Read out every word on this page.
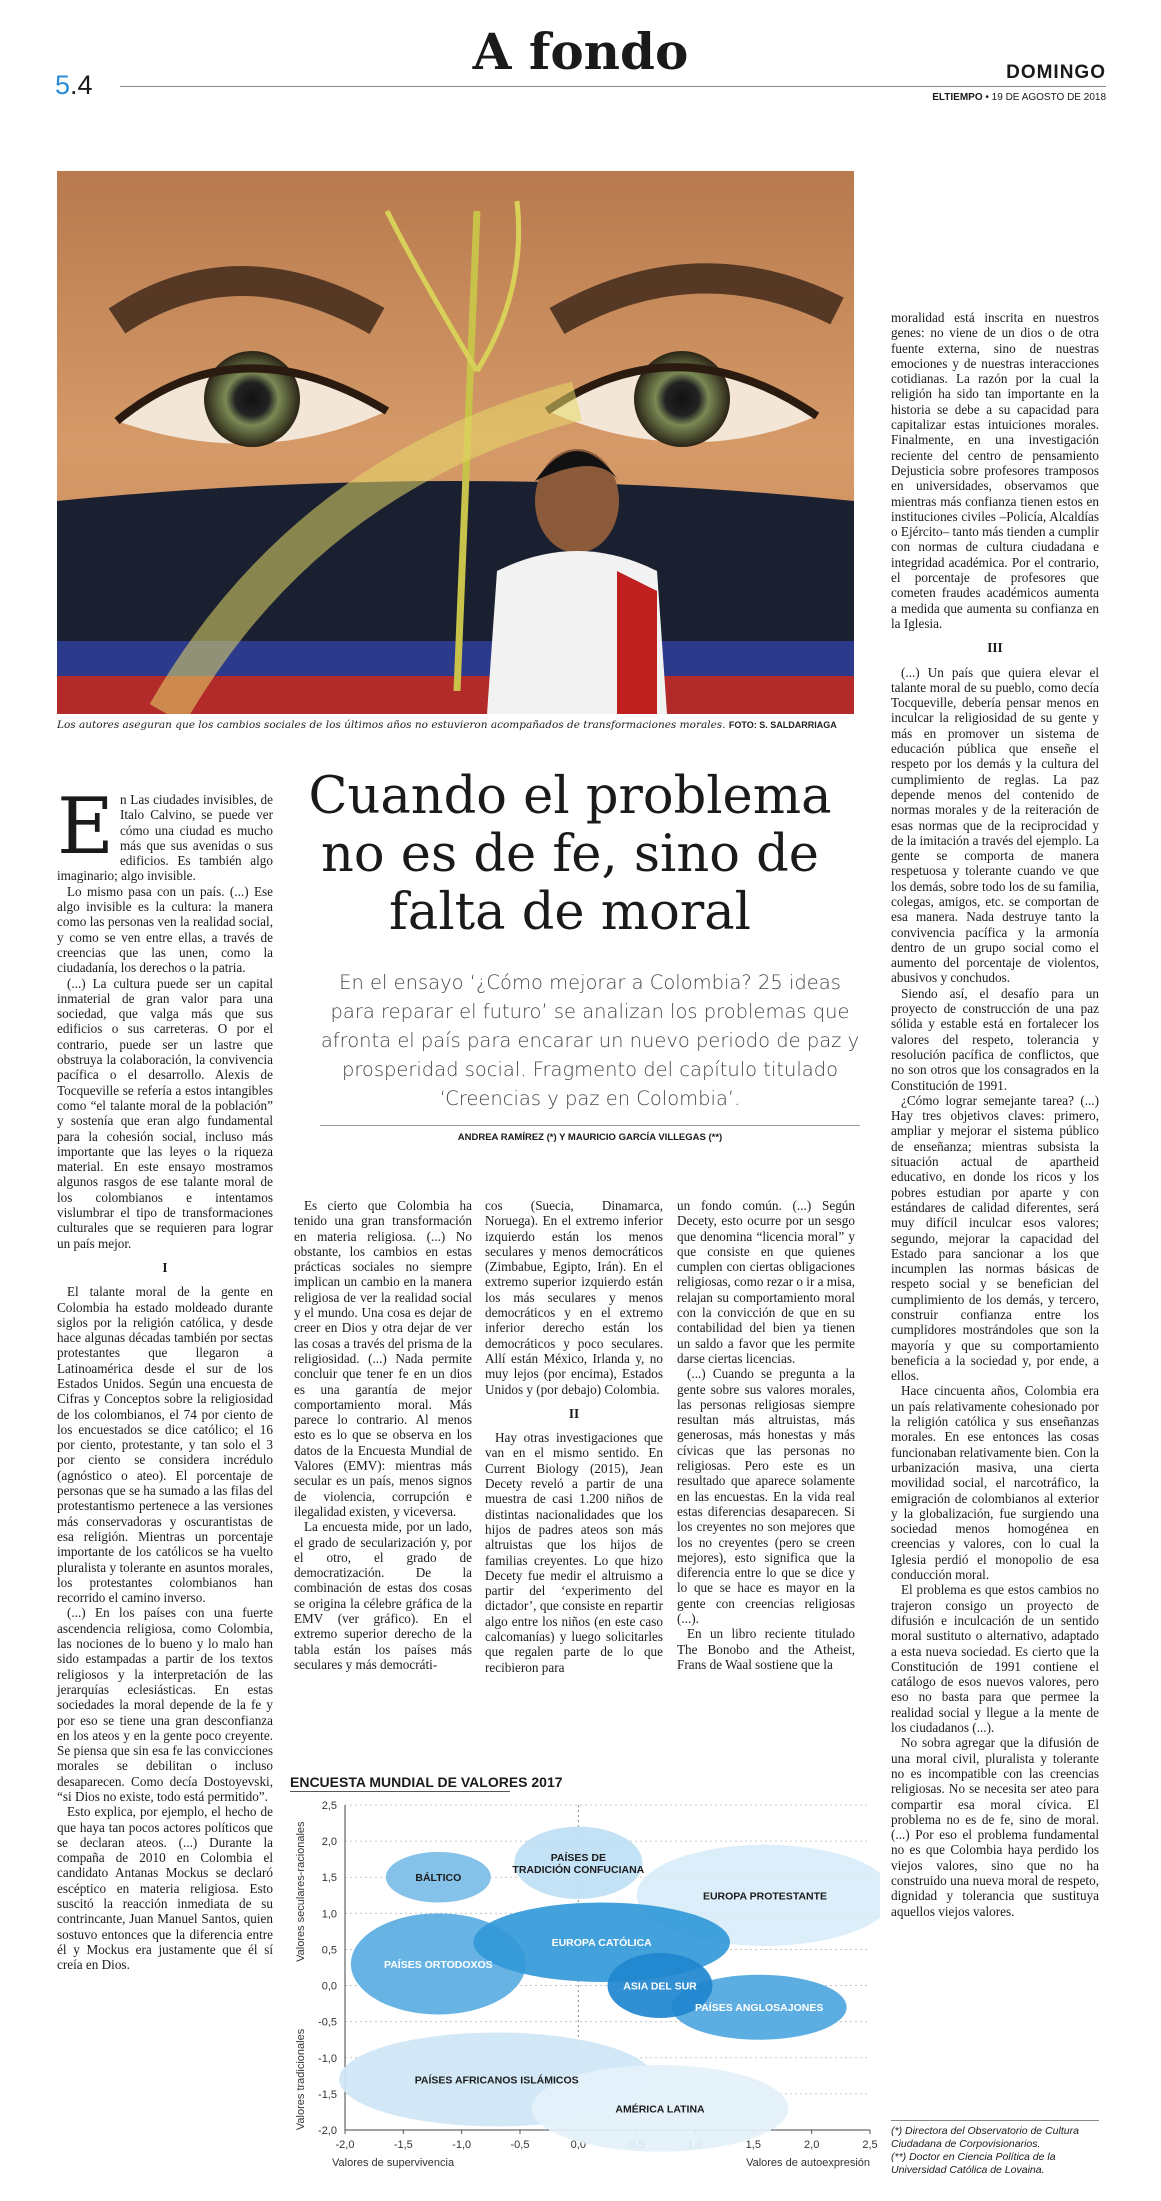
5.4
A fondo	DOMINGO
ELTIEMPO • 19 DE AGOSTO DE 2018
Los autores aseguran que los cambios sociales de los últimos años no estuvieron acompañados de transformaciones morales. FOTO: S. SALDARRIAGA
Cuando el problema no es de fe, sino de falta de moral
En el ensayo ‘¿Cómo mejorar a Colombia? 25 ideas para reparar el futuro’ se analizan los problemas que afronta el país para encarar un nuevo periodo de paz y prosperidad social. Fragmento del capítulo titulado ‘Creencias y paz en Colombia’.
ANDREA RAMÍREZ (*) Y MAURICIO GARCÍA VILLEGAS (**)

En Las ciudades invisibles, de Italo Calvino, se puede ver cómo una ciudad es mucho más que sus avenidas o sus edificios. Es también algo imaginario; algo invisible.

Lo mismo pasa con un país. (...) Ese algo invisible es la cultura: la manera como las personas ven la realidad social, y como se ven entre ellas, a través de creencias que las unen, como la ciudadanía, los derechos o la patria.

(...) La cultura puede ser un capital inmaterial de gran valor para una sociedad, que valga más que sus edificios o sus carreteras. O por el contrario, puede ser un lastre que obstruya la colaboración, la convivencia pacífica o el desarrollo. Alexis de Tocqueville se refería a estos intangibles como “el talante moral de la población” y sostenía que eran algo fundamental para la cohesión social, incluso más importante que las leyes o la riqueza material. En este ensayo mostramos algunos rasgos de ese talante moral de los colombianos e intentamos vislumbrar el tipo de transformaciones culturales que se requieren para lograr un país mejor.

I

El talante moral de la gente en Colombia ha estado moldeado durante siglos por la religión católica, y desde hace algunas décadas también por sectas protestantes que llegaron a Latinoamérica desde el sur de los Estados Unidos. Según una encuesta de Cifras y Conceptos sobre la religiosidad de los colombianos, el 74 por ciento de los encuestados se dice católico; el 16 por ciento, protestante, y tan solo el 3 por ciento se considera incrédulo (agnóstico o ateo). El porcentaje de personas que se ha sumado a las filas del protestantismo pertenece a las versiones más conservadoras y oscurantistas de esa religión. Mientras un porcentaje importante de los católicos se ha vuelto pluralista y tolerante en asuntos morales, los protestantes colombianos han recorrido el camino inverso.

(...) En los países con una fuerte ascendencia religiosa, como Colombia, las nociones de lo bueno y lo malo han sido estampadas a partir de los textos religiosos y la interpretación de las jerarquías eclesiásticas. En estas sociedades la moral depende de la fe y por eso se tiene una gran desconfianza en los ateos y en la gente poco creyente. Se piensa que sin esa fe las convicciones morales se debilitan o incluso desaparecen. Como decía Dostoyevski, “si Dios no existe, todo está permitido”.

Esto explica, por ejemplo, el hecho de que haya tan pocos actores políticos que se declaran ateos. (...) Durante la compaña de 2010 en Colombia el candidato Antanas Mockus se declaró escéptico en materia religiosa. Esto suscitó la reacción inmediata de su contrincante, Juan Manuel Santos, quien sostuvo entonces que la diferencia entre él y Mockus era justamente que él sí creía en Dios.

Es cierto que Colombia ha tenido una gran transformación en materia religiosa. (...) No obstante, los cambios en estas prácticas sociales no siempre implican un cambio en la manera religiosa de ver la realidad social y el mundo. Una cosa es dejar de creer en Dios y otra dejar de ver las cosas a través del prisma de la religiosidad. (...) Nada permite concluir que tener fe en un dios es una garantía de mejor comportamiento moral. Más parece lo contrario. Al menos esto es lo que se observa en los datos de la Encuesta Mundial de Valores (EMV): mientras más secular es un país, menos signos de violencia, corrupción e ilegalidad existen, y viceversa.

La encuesta mide, por un lado, el grado de secularización y, por el otro, el grado de democratización. De la combinación de estas dos cosas se origina la célebre gráfica de la EMV (ver gráfico). En el extremo superior derecho de la tabla están los países más seculares y más democráti-

cos (Suecia, Dinamarca, Noruega). En el extremo inferior izquierdo están los menos seculares y menos democráticos (Zimbabue, Egipto, Irán). En el extremo superior izquierdo están los más seculares y menos democráticos y en el extremo inferior derecho están los democráticos y poco seculares. Allí están México, Irlanda y, no muy lejos (por encima), Estados Unidos y (por debajo) Colombia.

II

Hay otras investigaciones que van en el mismo sentido. En Current Biology (2015), Jean Decety reveló a partir de una muestra de casi 1.200 niños de distintas nacionalidades que los hijos de padres ateos son más altruistas que los hijos de familias creyentes. Lo que hizo Decety fue medir el altruismo a partir del ‘experimento del dictador’, que consiste en repartir algo entre los niños (en este caso calcomanías) y luego solicitarles que regalen parte de lo que recibieron para

un fondo común. (...) Según Decety, esto ocurre por un sesgo que denomina “licencia moral” y que consiste en que quienes cumplen con ciertas obligaciones religiosas, como rezar o ir a misa, relajan su comportamiento moral con la convicción de que en su contabilidad del bien ya tienen un saldo a favor que les permite darse ciertas licencias.

(...) Cuando se pregunta a la gente sobre sus valores morales, las personas religiosas siempre resultan más altruistas, más generosas, más honestas y más cívicas que las personas no religiosas. Pero este es un resultado que aparece solamente en las encuestas. En la vida real estas diferencias desaparecen. Si los creyentes no son mejores que los no creyentes (pero se creen mejores), esto significa que la diferencia entre lo que se dice y lo que se hace es mayor en la gente con creencias religiosas (...).

En un libro reciente titulado The Bonobo and the Atheist, Frans de Waal sostiene que la

moralidad está inscrita en nuestros genes: no viene de un dios o de otra fuente externa, sino de nuestras emociones y de nuestras interacciones cotidianas. La razón por la cual la religión ha sido tan importante en la historia se debe a su capacidad para capitalizar estas intuiciones morales. Finalmente, en una investigación reciente del centro de pensamiento Dejusticia sobre profesores tramposos en universidades, observamos que mientras más confianza tienen estos en instituciones civiles –Policía, Alcaldías o Ejército– tanto más tienden a cumplir con normas de cultura ciudadana e integridad académica. Por el contrario, el porcentaje de profesores que cometen fraudes académicos aumenta a medida que aumenta su confianza en la Iglesia.

III

(...) Un país que quiera elevar el talante moral de su pueblo, como decía Tocqueville, debería pensar menos en inculcar la religiosidad de su gente y más en promover un sistema de educación pública que enseñe el respeto por los demás y la cultura del cumplimiento de reglas. La paz depende menos del contenido de normas morales y de la reiteración de esas normas que de la reciprocidad y de la imitación a través del ejemplo. La gente se comporta de manera respetuosa y tolerante cuando ve que los demás, sobre todo los de su familia, colegas, amigos, etc. se comportan de esa manera. Nada destruye tanto la convivencia pacífica y la armonía dentro de un grupo social como el aumento del porcentaje de violentos, abusivos y conchudos.

Siendo así, el desafío para un proyecto de construcción de una paz sólida y estable está en fortalecer los valores del respeto, tolerancia y resolución pacífica de conflictos, que no son otros que los consagrados en la Constitución de 1991.

¿Cómo lograr semejante tarea? (...) Hay tres objetivos claves: primero, ampliar y mejorar el sistema público de enseñanza; mientras subsista la situación actual de apartheid educativo, en donde los ricos y los pobres estudian por aparte y con estándares de calidad diferentes, será muy difícil inculcar esos valores; segundo, mejorar la capacidad del Estado para sancionar a los que incumplen las normas básicas de respeto social y se benefician del cumplimiento de los demás, y tercero, construir confianza entre los cumplidores mostrándoles que son la mayoría y que su comportamiento beneficia a la sociedad y, por ende, a ellos.

Hace cincuenta años, Colombia era un país relativamente cohesionado por la religión católica y sus enseñanzas morales. En ese entonces las cosas funcionaban relativamente bien. Con la urbanización masiva, una cierta movilidad social, el narcotráfico, la emigración de colombianos al exterior y la globalización, fue surgiendo una sociedad menos homogénea en creencias y valores, con lo cual la Iglesia perdió el monopolio de esa conducción moral.

El problema es que estos cambios no trajeron consigo un proyecto de difusión e inculcación de un sentido moral sustituto o alternativo, adaptado a esta nueva sociedad. Es cierto que la Constitución de 1991 contiene el catálogo de esos nuevos valores, pero eso no basta para que permee la realidad social y llegue a la mente de los ciudadanos (...).

No sobra agregar que la difusión de una moral civil, pluralista y tolerante no es incompatible con las creencias religiosas. No se necesita ser ateo para compartir esa moral cívica. El problema no es de fe, sino de moral. (...) Por eso el problema fundamental no es que Colombia haya perdido los viejos valores, sino que no ha construido una nueva moral de respeto, dignidad y tolerancia que sustituya aquellos viejos valores.

ENCUESTA MUNDIAL DE VALORES 2017
2,5
2,0
1,5
1,0
0,5
0,0
-0,5
-1,0
-1,5
-2,0
-2,0	-1,5	-1,0	-0,5	0,0	1,5	2,0	2,5
BÁLTICO
PAÍSES DE TRADICIÓN CONFUCIANA
EUROPA PROTESTANTE
EUROPA CATÓLICA
PAÍSES ORTODOXOS
ASIA DEL SUR
PAÍSES ANGLOSAJONES
PAÍSES AFRICANOS ISLÁMICOS
AMÉRICA LATINA
Valores de supervivencia	Valores de autoexpresión
Valores seculares-racionales
Valores tradicionales
(*) Directora del Observatorio de Cultura Ciudadana de Corpovisionarios.
(**) Doctor en Ciencia Política de la Universidad Católica de Lovaina.
